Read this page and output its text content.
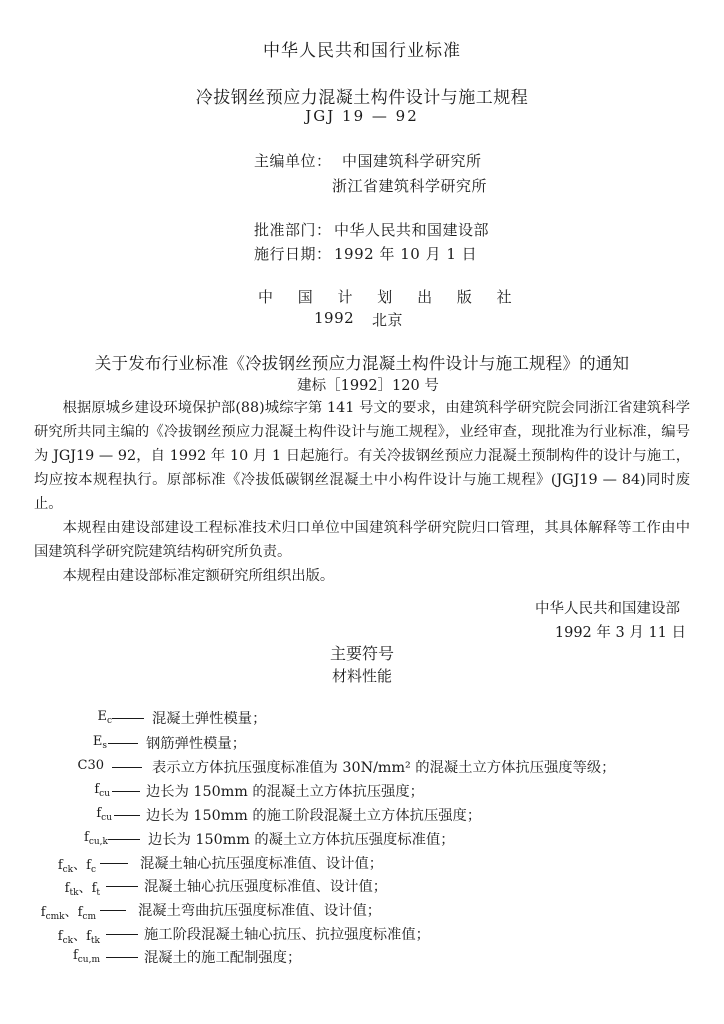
中华人民共和国行业标准
冷拔钢丝预应力混凝土构件设计与施工规程
JGJ 19 — 92
主编单位： 中国建筑科学研究所
浙江省建筑科学研究所
批准部门： 中华人民共和国建设部
施行日期： 1992 年 10 月 1 日
中 国 计 划 出 版 社
1992 北京
关于发布行业标准《冷拔钢丝预应力混凝土构件设计与施工规程》的通知
建标［1992］120 号
根据原城乡建设环境保护部(88)城综字第 141 号文的要求，由建筑科学研究院会同浙江省建筑科学研究所共同主编的《冷拔钢丝预应力混凝土构件设计与施工规程》，业经审查，现批准为行业标准，编号为 JGJ19 — 92，自 1992 年 10 月 1 日起施行。有关冷拔钢丝预应力混凝土预制构件的设计与施工，均应按本规程执行。原部标准《冷拔低碳钢丝混凝土中小构件设计与施工规程》(JGJ19 — 84)同时废止。
本规程由建设部建设工程标准技术归口单位中国建筑科学研究院归口管理，其具体解释等工作由中国建筑科学研究院建筑结构研究所负责。
本规程由建设部标准定额研究所组织出版。
中华人民共和国建设部
1992 年 3 月 11 日
主要符号
材料性能
$E_c$	混凝土弹性模量；
$E_s$	钢筋弹性模量；
C30	表示立方体抗压强度标准值为 30N/mm² 的混凝土立方体抗压强度等级；
$f_{cu}$	边长为 150mm 的混凝土立方体抗压强度；
$f_{cu}$ 边长为 150mm 的施工阶段混凝土立方体抗压强度；
$f_{cu,k}$	边长为 150mm 的凝土立方体抗压强度标准值；
$f_{ck}$、$f_c$	混凝土轴心抗压强度标准值、设计值；
$f_{tk}$、$f_t$	混凝土轴心抗压强度标准值、设计值；
$f_{cmk}$、$f_{cm}$	混凝土弯曲抗压强度标准值、设计值；
$f_{ck}$、$f_{tk}$	施工阶段混凝土轴心抗压、抗拉强度标准值；
$f_{cu,m}$	混凝土的施工配制强度；
